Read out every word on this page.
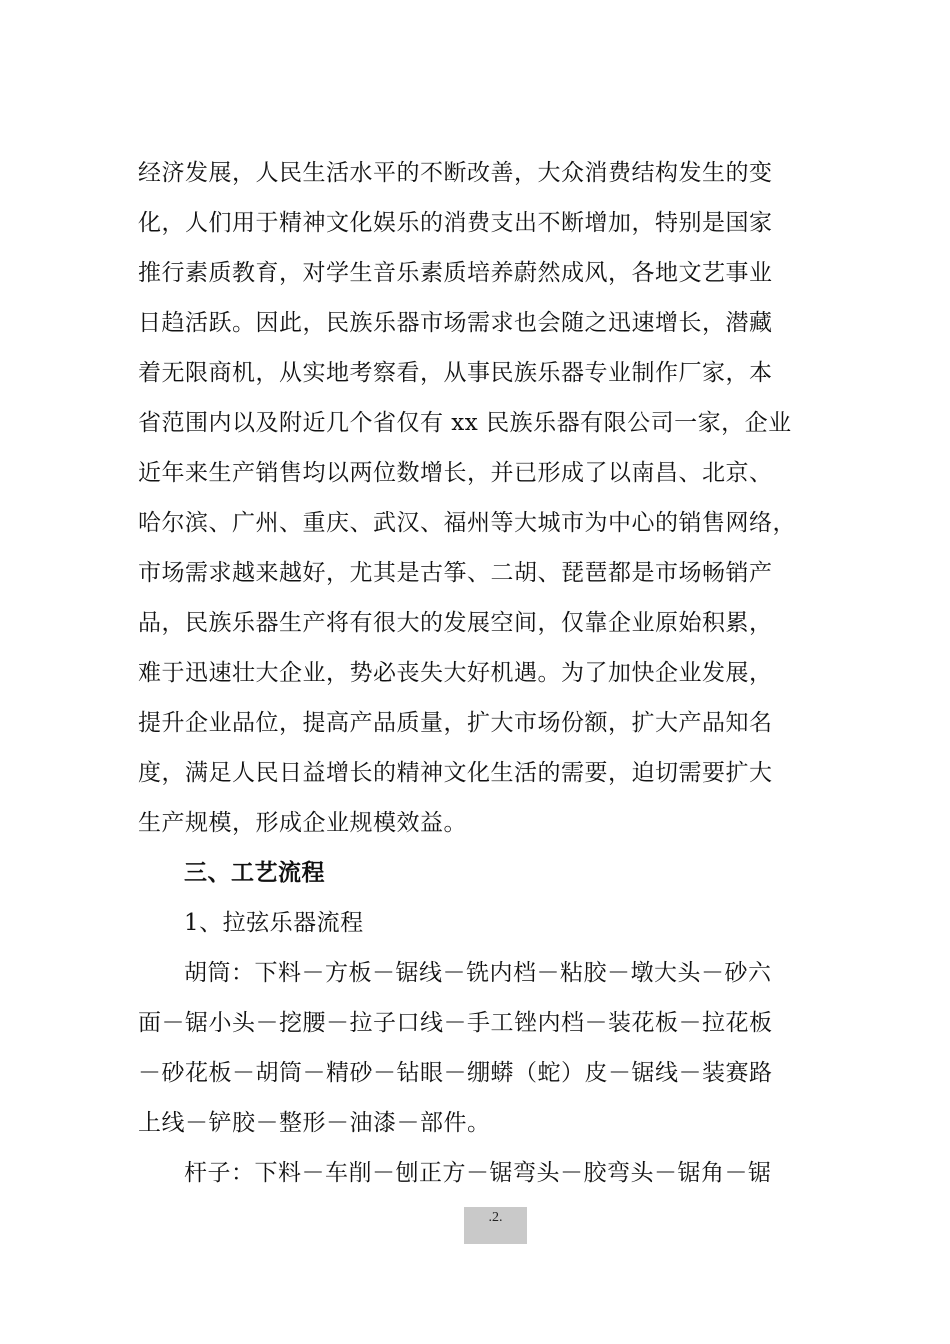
经济发展，人民生活水平的不断改善，大众消费结构发生的变
化，人们用于精神文化娱乐的消费支出不断增加，特别是国家
推行素质教育，对学生音乐素质培养蔚然成风，各地文艺事业
日趋活跃。因此，民族乐器市场需求也会随之迅速增长，潜藏
着无限商机，从实地考察看，从事民族乐器专业制作厂家，本
省范围内以及附近几个省仅有 xx 民族乐器有限公司一家，企业
近年来生产销售均以两位数增长，并已形成了以南昌、北京、
哈尔滨、广州、重庆、武汉、福州等大城市为中心的销售网络，
市场需求越来越好，尤其是古筝、二胡、琵琶都是市场畅销产
品，民族乐器生产将有很大的发展空间，仅靠企业原始积累，
难于迅速壮大企业，势必丧失大好机遇。为了加快企业发展，
提升企业品位，提高产品质量，扩大市场份额，扩大产品知名
度，满足人民日益增长的精神文化生活的需要，迫切需要扩大
生产规模，形成企业规模效益。
三、工艺流程
1、拉弦乐器流程
胡筒：下料－方板－锯线－铣内档－粘胶－墩大头－砂六
面－锯小头－挖腰－拉子口线－手工锉内档－装花板－拉花板
－砂花板－胡筒－精砂－钻眼－绷蟒（蛇）皮－锯线－装赛路
上线－铲胶－整形－油漆－部件。
杆子：下料－车削－刨正方－锯弯头－胶弯头－锯角－锯
.2.
